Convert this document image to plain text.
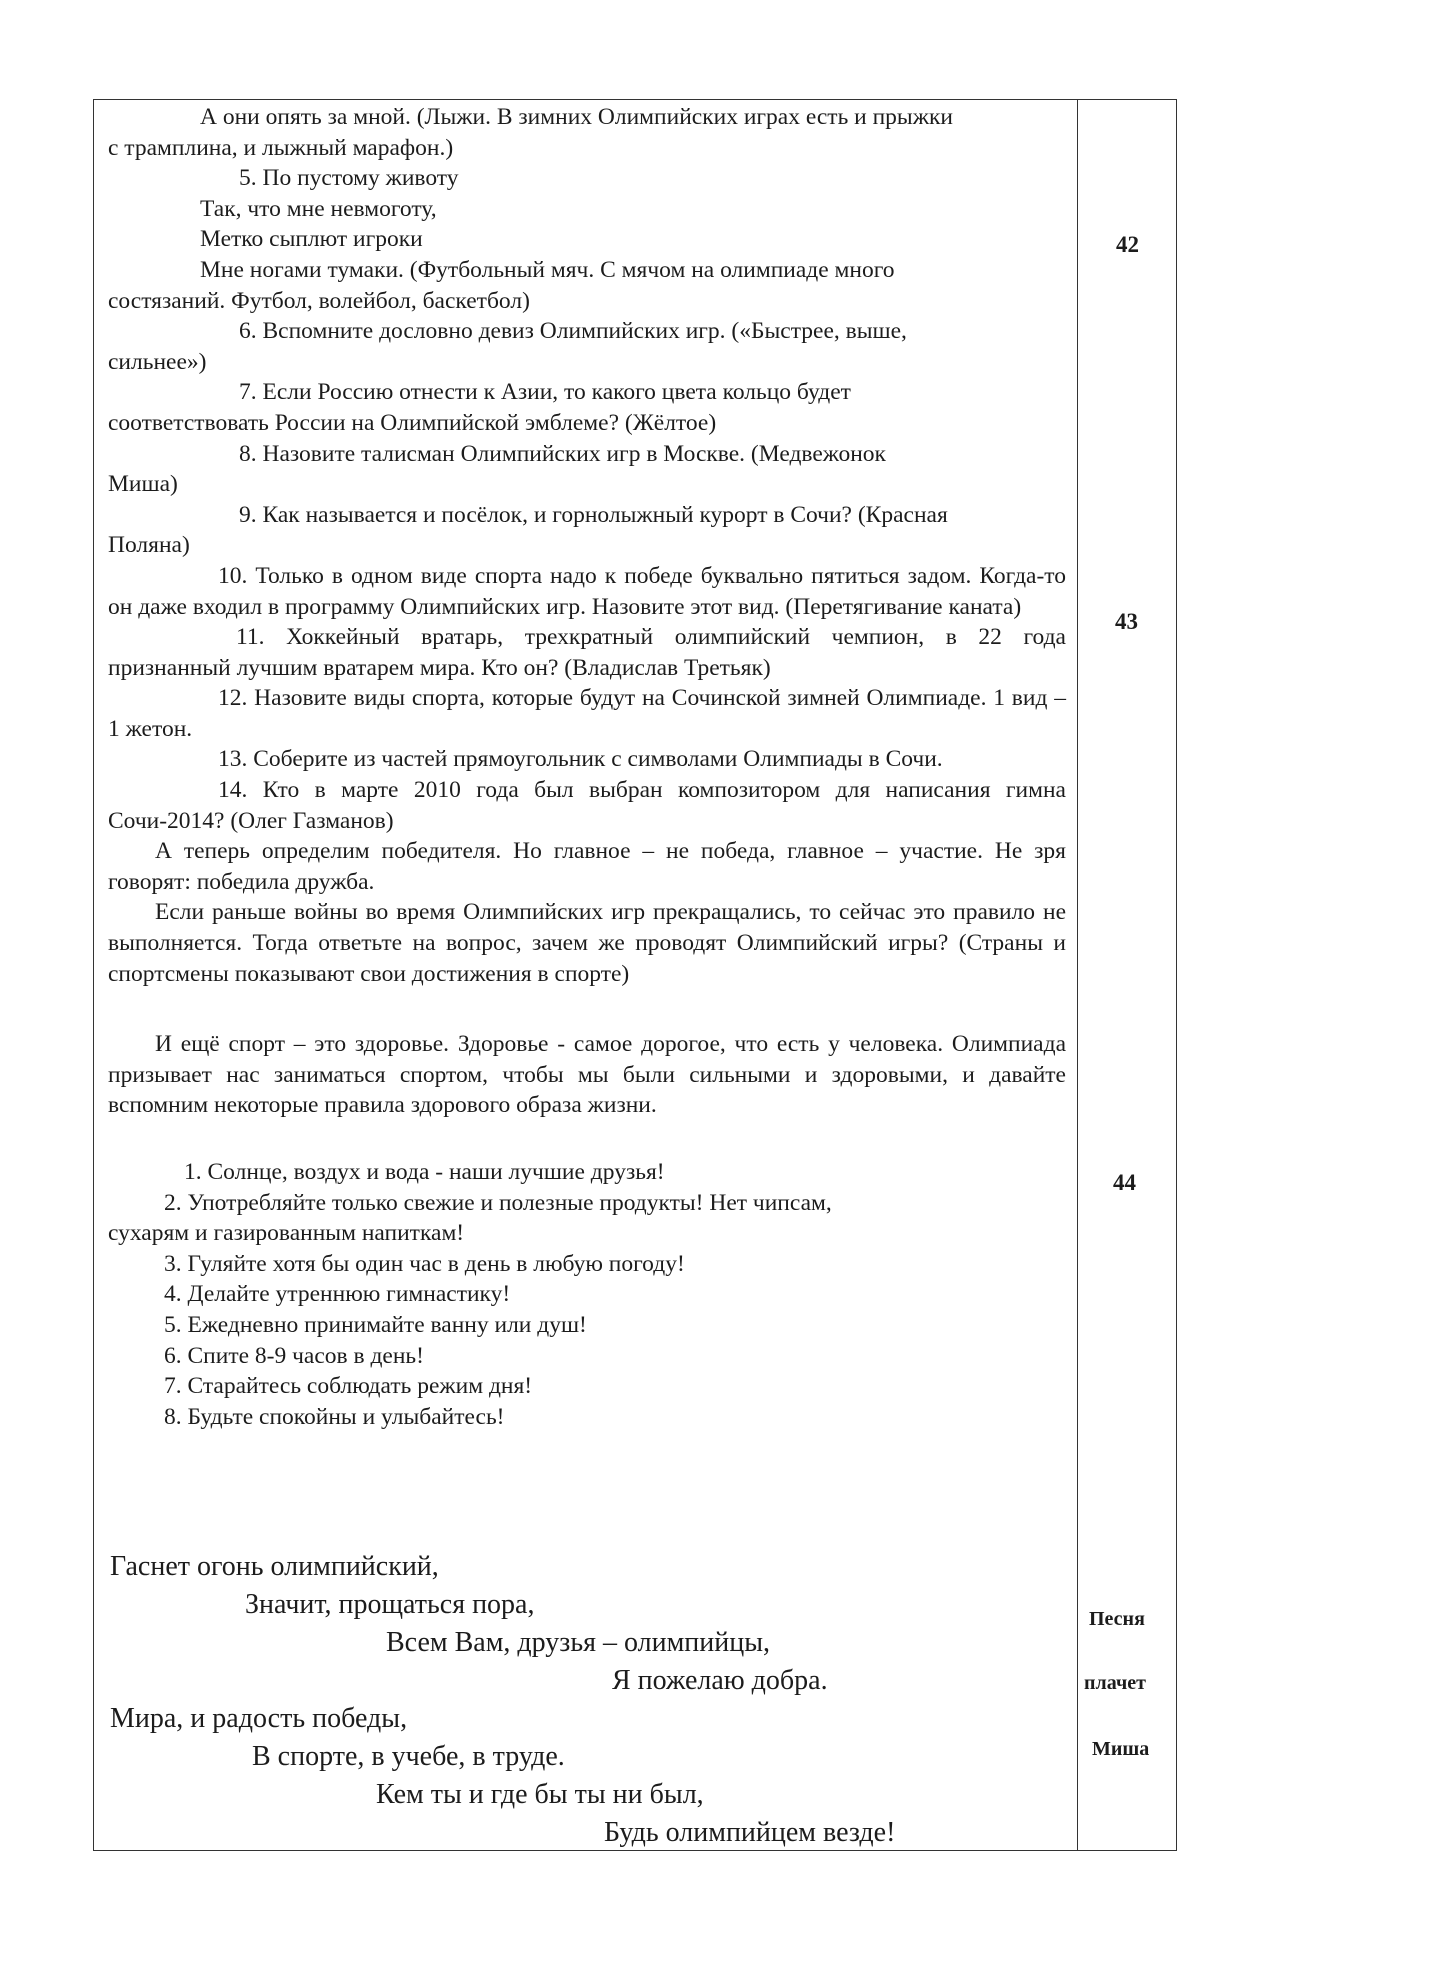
А они опять за мной. (Лыжи. В зимних Олимпийских играх есть и прыжки

с трамплина, и лыжный марафон.)

5. По пустому животу

Так, что мне невмоготу,

Метко сыплют игроки

Мне ногами тумаки. (Футбольный мяч. С мячом на олимпиаде много

состязаний. Футбол, волейбол, баскетбол)

6. Вспомните дословно девиз Олимпийских игр. («Быстрее, выше,

сильнее»)

7. Если Россию отнести к Азии, то какого цвета кольцо будет

соответствовать России на Олимпийской эмблеме? (Жёлтое)

8. Назовите талисман Олимпийских игр в Москве. (Медвежонок

Миша)

9. Как называется и посёлок, и горнолыжный курорт в Сочи? (Красная

Поляна)

10. Только в одном виде спорта надо к победе буквально пятиться задом. Когда-то он даже входил в программу Олимпийских игр. Назовите этот вид. (Перетягивание каната)

11. Хоккейный вратарь, трехкратный олимпийский чемпион, в 22 года признанный лучшим вратарем мира. Кто он? (Владислав Третьяк)

12. Назовите виды спорта, которые будут на Сочинской зимней Олимпиаде. 1 вид – 1 жетон.

13. Соберите из частей прямоугольник с символами Олимпиады в Сочи.

14. Кто в марте 2010 года был выбран композитором для написания гимна Сочи-2014? (Олег Газманов)

А теперь определим победителя. Но главное – не победа, главное – участие. Не зря говорят: победила дружба.

Если раньше войны во время Олимпийских игр прекращались, то сейчас это правило не выполняется. Тогда ответьте на вопрос, зачем же проводят Олимпийский игры? (Страны и спортсмены показывают свои достижения в спорте)

И ещё спорт – это здоровье. Здоровье - самое дорогое, что есть у человека. Олимпиада призывает нас заниматься спортом, чтобы мы были сильными и здоровыми, и давайте вспомним некоторые правила здорового образа жизни.

1. Солнце, воздух и вода - наши лучшие друзья!

2. Употребляйте только свежие и полезные продукты! Нет чипсам,

сухарям и газированным напиткам!

3. Гуляйте хотя бы один час в день в любую погоду!

4. Делайте утреннюю гимнастику!

5. Ежедневно принимайте ванну или душ!

6. Спите 8-9 часов в день!

7. Старайтесь соблюдать режим дня!

8. Будьте спокойны и улыбайтесь!

Гаснет огонь олимпийский,
Значит, прощаться пора,
Всем Вам, друзья – олимпийцы,
Я пожелаю добра.
Мира, и радость победы,
В спорте, в учебе, в труде.
Кем ты и где бы ты ни был,
Будь олимпийцем везде!
42
43
44
Песня
плачет
Миша
